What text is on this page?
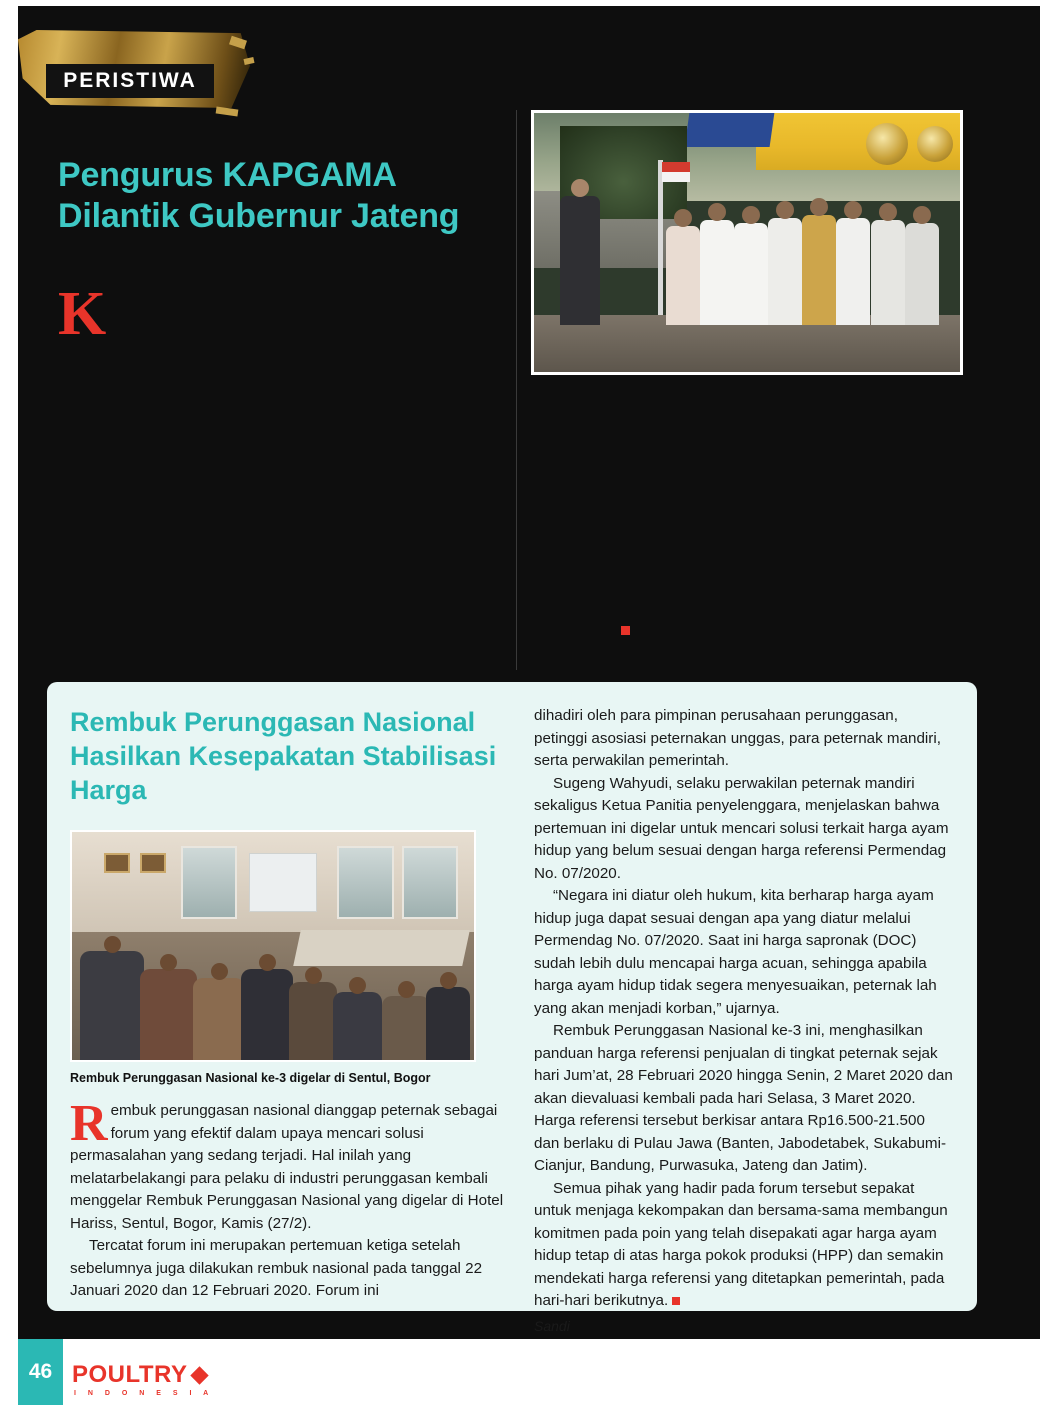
PERISTIWA
Pengurus KAPGAMA Dilantik Gubernur Jateng
K
Rembuk Perunggasan Nasional Hasilkan Kesepakatan Stabilisasi Harga
Rembuk Perunggasan Nasional ke-3 digelar di Sentul, Bogor

Rembuk perunggasan nasional dianggap peternak sebagai forum yang efektif dalam upaya mencari solusi permasalahan yang sedang terjadi. Hal inilah yang melatarbelakangi para pelaku di industri perunggasan kembali menggelar Rembuk Perunggasan Nasional yang digelar di Hotel Hariss, Sentul, Bogor, Kamis (27/2).

Tercatat forum ini merupakan pertemuan ketiga setelah sebelumnya juga dilakukan rembuk nasional pada tanggal 22 Januari 2020 dan 12 Februari 2020. Forum ini

dihadiri oleh para pimpinan perusahaan perunggasan, petinggi asosiasi peternakan unggas, para peternak mandiri, serta perwakilan pemerintah.

Sugeng Wahyudi, selaku perwakilan peternak mandiri sekaligus Ketua Panitia penyelenggara, menjelaskan bahwa pertemuan ini digelar untuk mencari solusi terkait harga ayam hidup yang belum sesuai dengan harga referensi Permendag No. 07/2020.

“Negara ini diatur oleh hukum, kita berharap harga ayam hidup juga dapat sesuai dengan apa yang diatur melalui Permendag No. 07/2020. Saat ini harga sapronak (DOC) sudah lebih dulu mencapai harga acuan, sehingga apabila harga ayam hidup tidak segera menyesuaikan, peternak lah yang akan menjadi korban,” ujarnya.

Rembuk Perunggasan Nasional ke-3 ini, menghasilkan panduan harga referensi penjualan di tingkat peternak sejak hari Jum’at, 28 Februari 2020 hingga Senin, 2 Maret 2020 dan akan dievaluasi kembali pada hari Selasa, 3 Maret 2020. Harga referensi tersebut berkisar antara Rp16.500-21.500 dan berlaku di Pulau Jawa (Banten, Jabodetabek, Sukabumi-Cianjur, Bandung, Purwasuka, Jateng dan Jatim).

Semua pihak yang hadir pada forum tersebut sepakat untuk menjaga kekompakan dan bersama-sama membangun komitmen pada poin yang telah disepakati agar harga ayam hidup tetap di atas harga pokok produksi (HPP) dan semakin mendekati harga referensi yang ditetapkan pemerintah, pada hari-hari berikutnya.

Sandi

46 POULTRY
I N D O N E S I A
